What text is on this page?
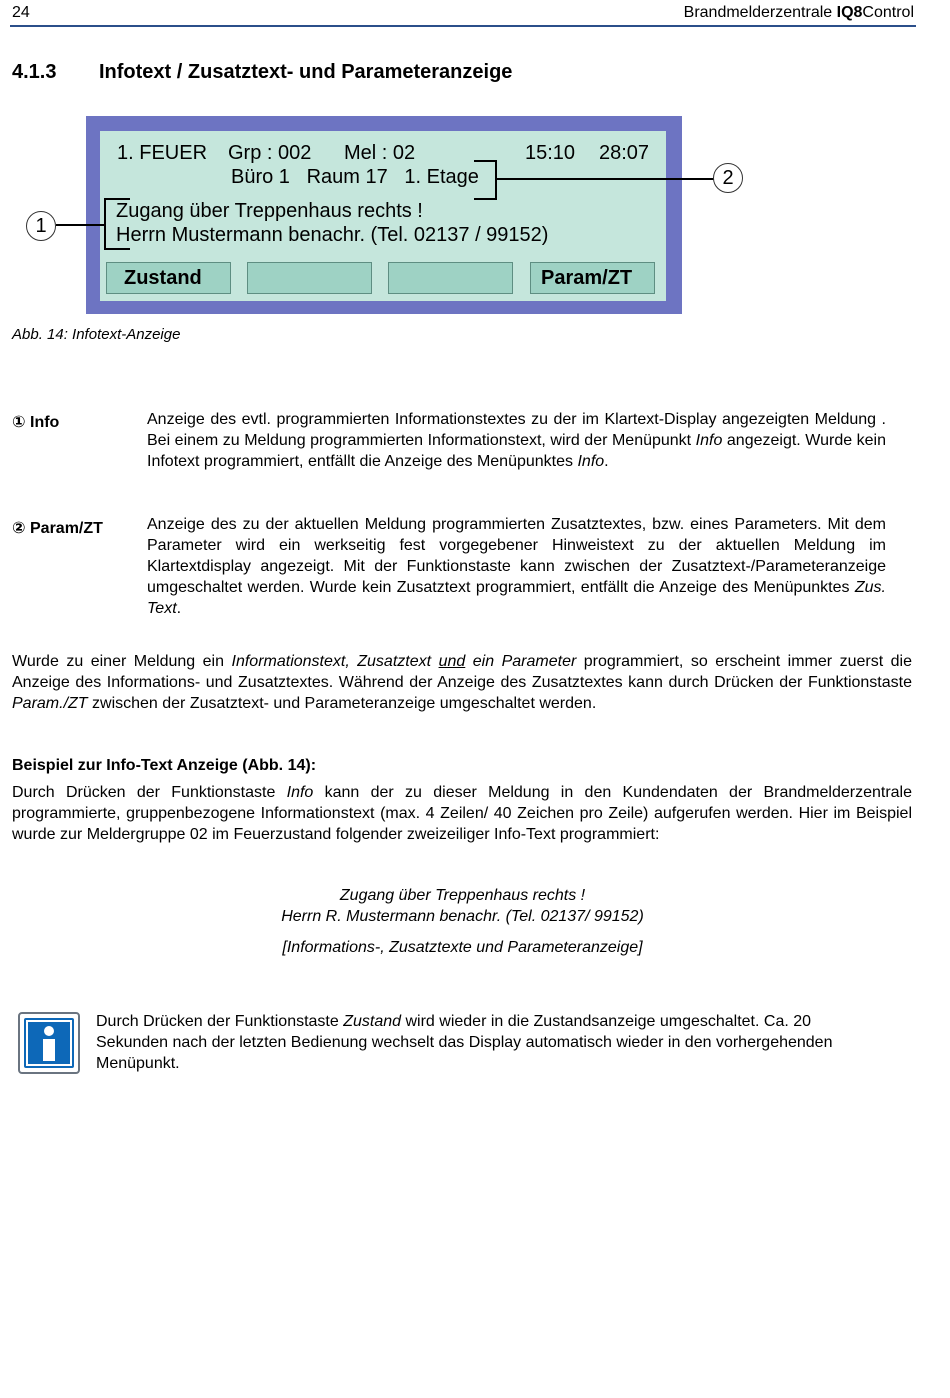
24	Brandmelderzentrale IQ8Control
4.1.3 Infotext / Zusatztext- und Parameteranzeige
1. FEUER Grp : 002 Mel : 02	15:10 28:07
Büro 1   Raum 17   1. Etage
Zugang über Treppenhaus rechts !
Herrn Mustermann benachr. (Tel. 02137 / 99152)
1
2
Zustand	Param/ZT
Abb. 14: Infotext-Anzeige
① Info	Anzeige des evtl. programmierten Informationstextes zu der im Klartext-Display angezeigten Meldung . Bei einem zu Meldung programmierten Informationstext, wird der Menüpunkt Info angezeigt. Wurde kein Infotext programmiert, entfällt die Anzeige des Menüpunktes Info.
② Param/ZT	Anzeige des zu der aktuellen Meldung programmierten Zusatztextes, bzw. eines Parameters. Mit dem Parameter wird ein werkseitig fest vorgegebener Hinweistext zu der aktuellen Meldung im Klartextdisplay angezeigt. Mit der Funktionstaste kann zwischen der Zusatztext-/Parameteranzeige umgeschaltet werden. Wurde kein Zusatztext programmiert, entfällt die Anzeige des Menüpunktes Zus. Text.
Wurde zu einer Meldung ein Informationstext, Zusatztext und ein Parameter programmiert, so erscheint immer zuerst die Anzeige des Informations- und Zusatztextes. Während der Anzeige des Zusatztextes kann durch Drücken der Funktionstaste Param./ZT zwischen der Zusatztext- und Parameteranzeige umgeschaltet werden.
Beispiel zur Info-Text Anzeige (Abb. 14):
Durch Drücken der Funktionstaste Info kann der zu dieser Meldung in den Kundendaten der Brandmelderzentrale programmierte, gruppenbezogene Informationstext (max. 4 Zeilen/ 40 Zeichen pro Zeile) aufgerufen werden. Hier im Beispiel wurde zur Meldergruppe 02 im Feuerzustand folgender zweizeiliger Info-Text programmiert:
Zugang über Treppenhaus rechts !
Herrn R. Mustermann benachr. (Tel. 02137/ 99152)
[Informations-, Zusatztexte und Parameteranzeige]
Durch Drücken der Funktionstaste Zustand wird wieder in die Zustandsanzeige umgeschaltet. Ca. 20 Sekunden nach der letzten Bedienung wechselt das Display automatisch wieder in den vorhergehenden Menüpunkt.
